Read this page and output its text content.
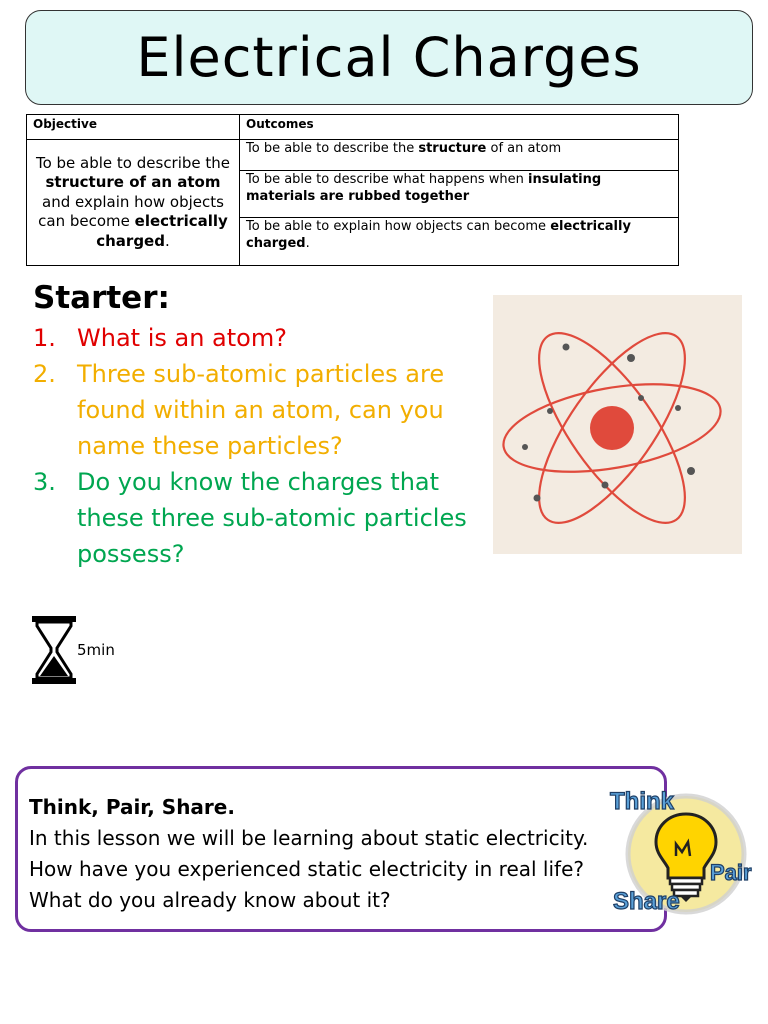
Electrical Charges
Objective	Outcomes
To be able to describe the structure of an atom and explain how objects can become electrically charged.	To be able to describe the structure of an atom
	To be able to describe what happens when insulating materials are rubbed together
	To be able to explain how objects can become electrically charged.
Starter:
1. What is an atom?
2. Three sub-atomic particles are found within an atom, can you name these particles?
3. Do you know the charges that these three sub-atomic particles possess?
5min
Think, Pair, Share.
In this lesson we will be learning about static electricity.
How have you experienced static electricity in real life?
What do you already know about it?
Think
Pair
Share
